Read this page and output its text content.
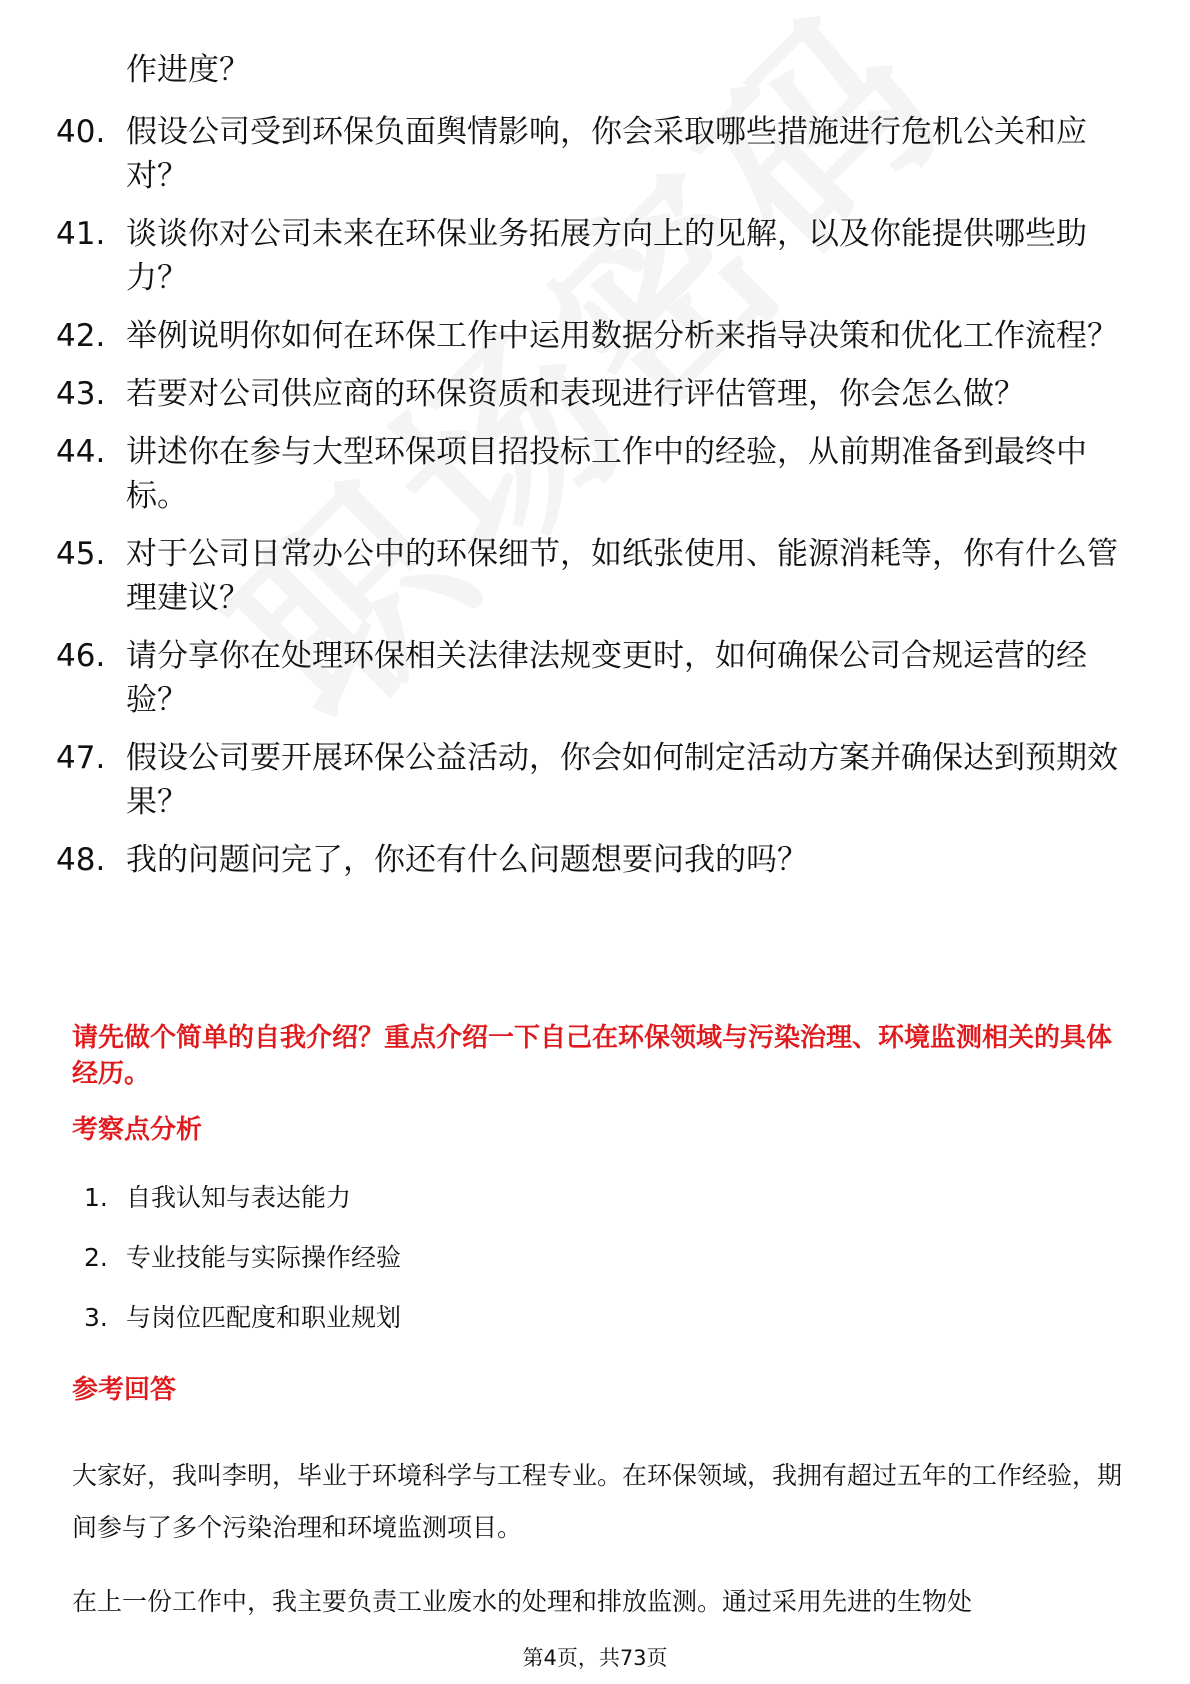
作进度？
40. 假设公司受到环保负面舆情影响，你会采取哪些措施进行危机公关和应对？
41. 谈谈你对公司未来在环保业务拓展方向上的见解，以及你能提供哪些助力？
42. 举例说明你如何在环保工作中运用数据分析来指导决策和优化工作流程？
43. 若要对公司供应商的环保资质和表现进行评估管理，你会怎么做？
44. 讲述你在参与大型环保项目招投标工作中的经验，从前期准备到最终中标。
45. 对于公司日常办公中的环保细节，如纸张使用、能源消耗等，你有什么管理建议？
46. 请分享你在处理环保相关法律法规变更时，如何确保公司合规运营的经验？
47. 假设公司要开展环保公益活动，你会如何制定活动方案并确保达到预期效果？
48. 我的问题问完了，你还有什么问题想要问我的吗？
请先做个简单的自我介绍？重点介绍一下自己在环保领域与污染治理、环境监测相关的具体经历。
考察点分析
1. 自我认知与表达能力
2. 专业技能与实际操作经验
3. 与岗位匹配度和职业规划
参考回答
大家好，我叫李明，毕业于环境科学与工程专业。在环保领域，我拥有超过五年的工作经验，期间参与了多个污染治理和环境监测项目。
在上一份工作中，我主要负责工业废水的处理和排放监测。通过采用先进的生物处
第4页，共73页
